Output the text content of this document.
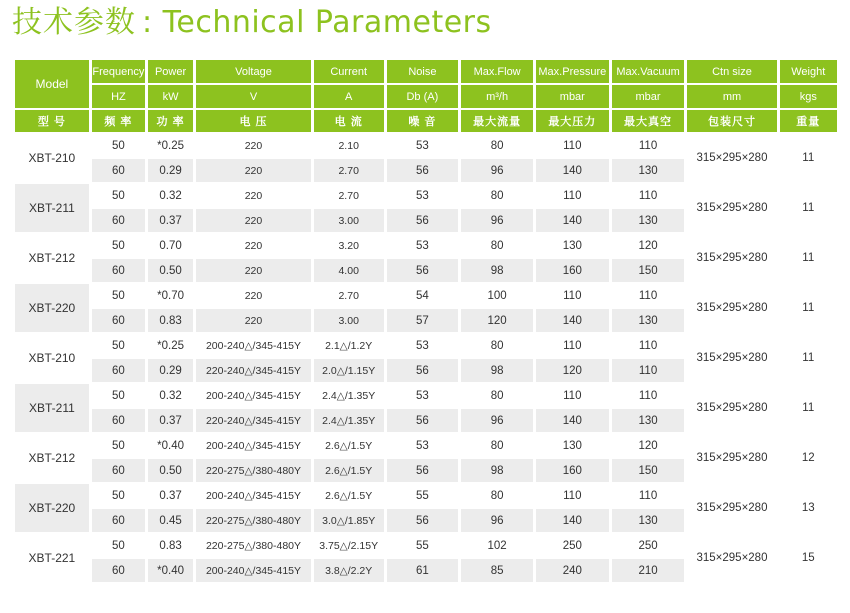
技术参数 : Technical Parameters
Model	Frequency	Power	Voltage	Current	Noise	Max.Flow	Max.Pressure	Max.Vacuum	Ctn size	Weight
	HZ	kW	V	A	Db (A)	m³/h	mbar	mbar	mm	kgs
型 号	频 率	功 率	电 压	电 流	噪 音	最大流量	最大压力	最大真空	包装尺寸	重量
XBT-210	50	*0.25	220	2.10	53	80	110	110	315×295×280	11
	60	0.29	220	2.70	56	96	140	130		
XBT-211	50	0.32	220	2.70	53	80	110	110	315×295×280	11
	60	0.37	220	3.00	56	96	140	130		
XBT-212	50	0.70	220	3.20	53	80	130	120	315×295×280	11
	60	0.50	220	4.00	56	98	160	150		
XBT-220	50	*0.70	220	2.70	54	100	110	110	315×295×280	11
	60	0.83	220	3.00	57	120	140	130		
XBT-210	50	*0.25	200-240△/345-415Y	2.1△/1.2Y	53	80	110	110	315×295×280	11
	60	0.29	220-240△/345-415Y	2.0△/1.15Y	56	98	120	110		
XBT-211	50	0.32	200-240△/345-415Y	2.4△/1.35Y	53	80	110	110	315×295×280	11
	60	0.37	220-240△/345-415Y	2.4△/1.35Y	56	96	140	130		
XBT-212	50	*0.40	200-240△/345-415Y	2.6△/1.5Y	53	80	130	120	315×295×280	12
	60	0.50	220-275△/380-480Y	2.6△/1.5Y	56	98	160	150		
XBT-220	50	0.37	200-240△/345-415Y	2.6△/1.5Y	55	80	110	110	315×295×280	13
	60	0.45	220-275△/380-480Y	3.0△/1.85Y	56	96	140	130		
XBT-221	50	0.83	220-275△/380-480Y	3.75△/2.15Y	55	102	250	250	315×295×280	15
	60	*0.40	200-240△/345-415Y	3.8△/2.2Y	61	85	240	210		
